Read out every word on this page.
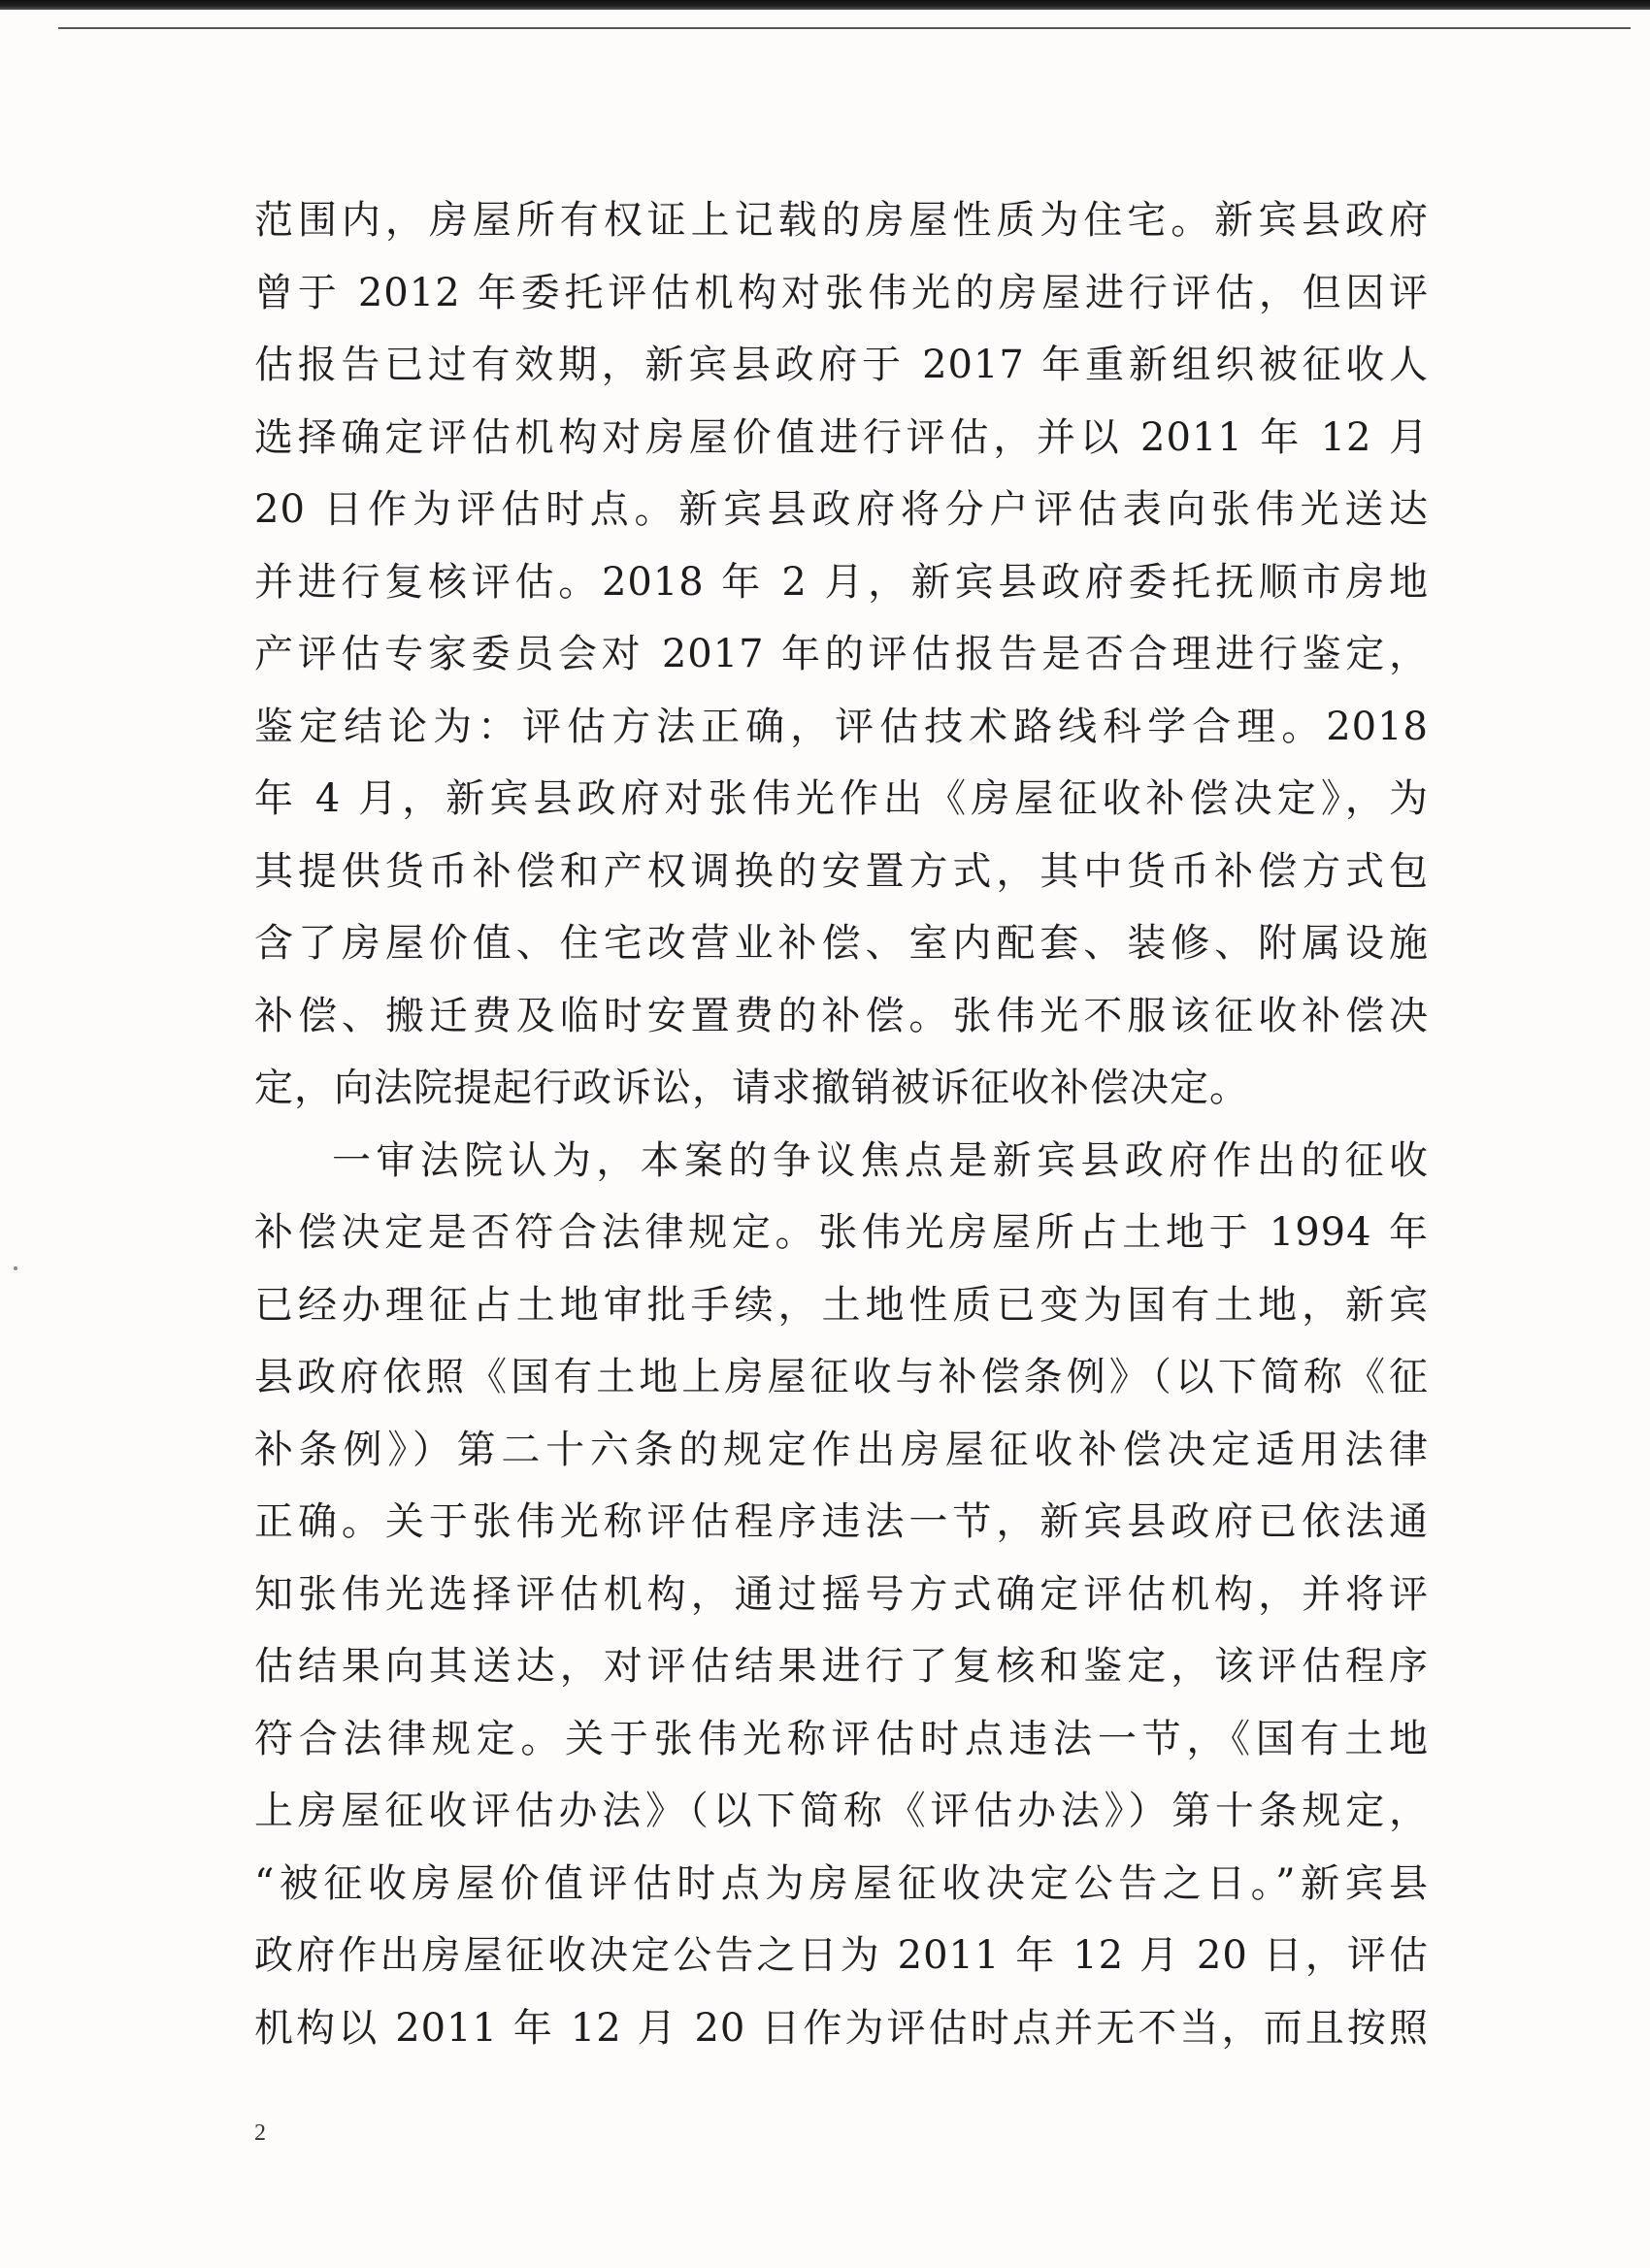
范围内，房屋所有权证上记载的房屋性质为住宅。新宾县政府
曾于 2012 年委托评估机构对张伟光的房屋进行评估，但因评
估报告已过有效期，新宾县政府于 2017 年重新组织被征收人
选择确定评估机构对房屋价值进行评估，并以 2011 年 12 月
20 日作为评估时点。新宾县政府将分户评估表向张伟光送达
并进行复核评估。2018 年 2 月，新宾县政府委托抚顺市房地
产评估专家委员会对 2017 年的评估报告是否合理进行鉴定，
鉴定结论为：评估方法正确，评估技术路线科学合理。2018
年 4 月，新宾县政府对张伟光作出《房屋征收补偿决定》，为
其提供货币补偿和产权调换的安置方式，其中货币补偿方式包
含了房屋价值、住宅改营业补偿、室内配套、装修、附属设施
补偿、搬迁费及临时安置费的补偿。张伟光不服该征收补偿决
定，向法院提起行政诉讼，请求撤销被诉征收补偿决定。
一审法院认为，本案的争议焦点是新宾县政府作出的征收
补偿决定是否符合法律规定。张伟光房屋所占土地于 1994 年
已经办理征占土地审批手续，土地性质已变为国有土地，新宾
县政府依照《国有土地上房屋征收与补偿条例》（以下简称《征
补条例》）第二十六条的规定作出房屋征收补偿决定适用法律
正确。关于张伟光称评估程序违法一节，新宾县政府已依法通
知张伟光选择评估机构，通过摇号方式确定评估机构，并将评
估结果向其送达，对评估结果进行了复核和鉴定，该评估程序
符合法律规定。关于张伟光称评估时点违法一节，《国有土地
上房屋征收评估办法》（以下简称《评估办法》）第十条规定，
“被征收房屋价值评估时点为房屋征收决定公告之日。”新宾县
政府作出房屋征收决定公告之日为 2011 年 12 月 20 日，评估
机构以 2011 年 12 月 20 日作为评估时点并无不当，而且按照
2
